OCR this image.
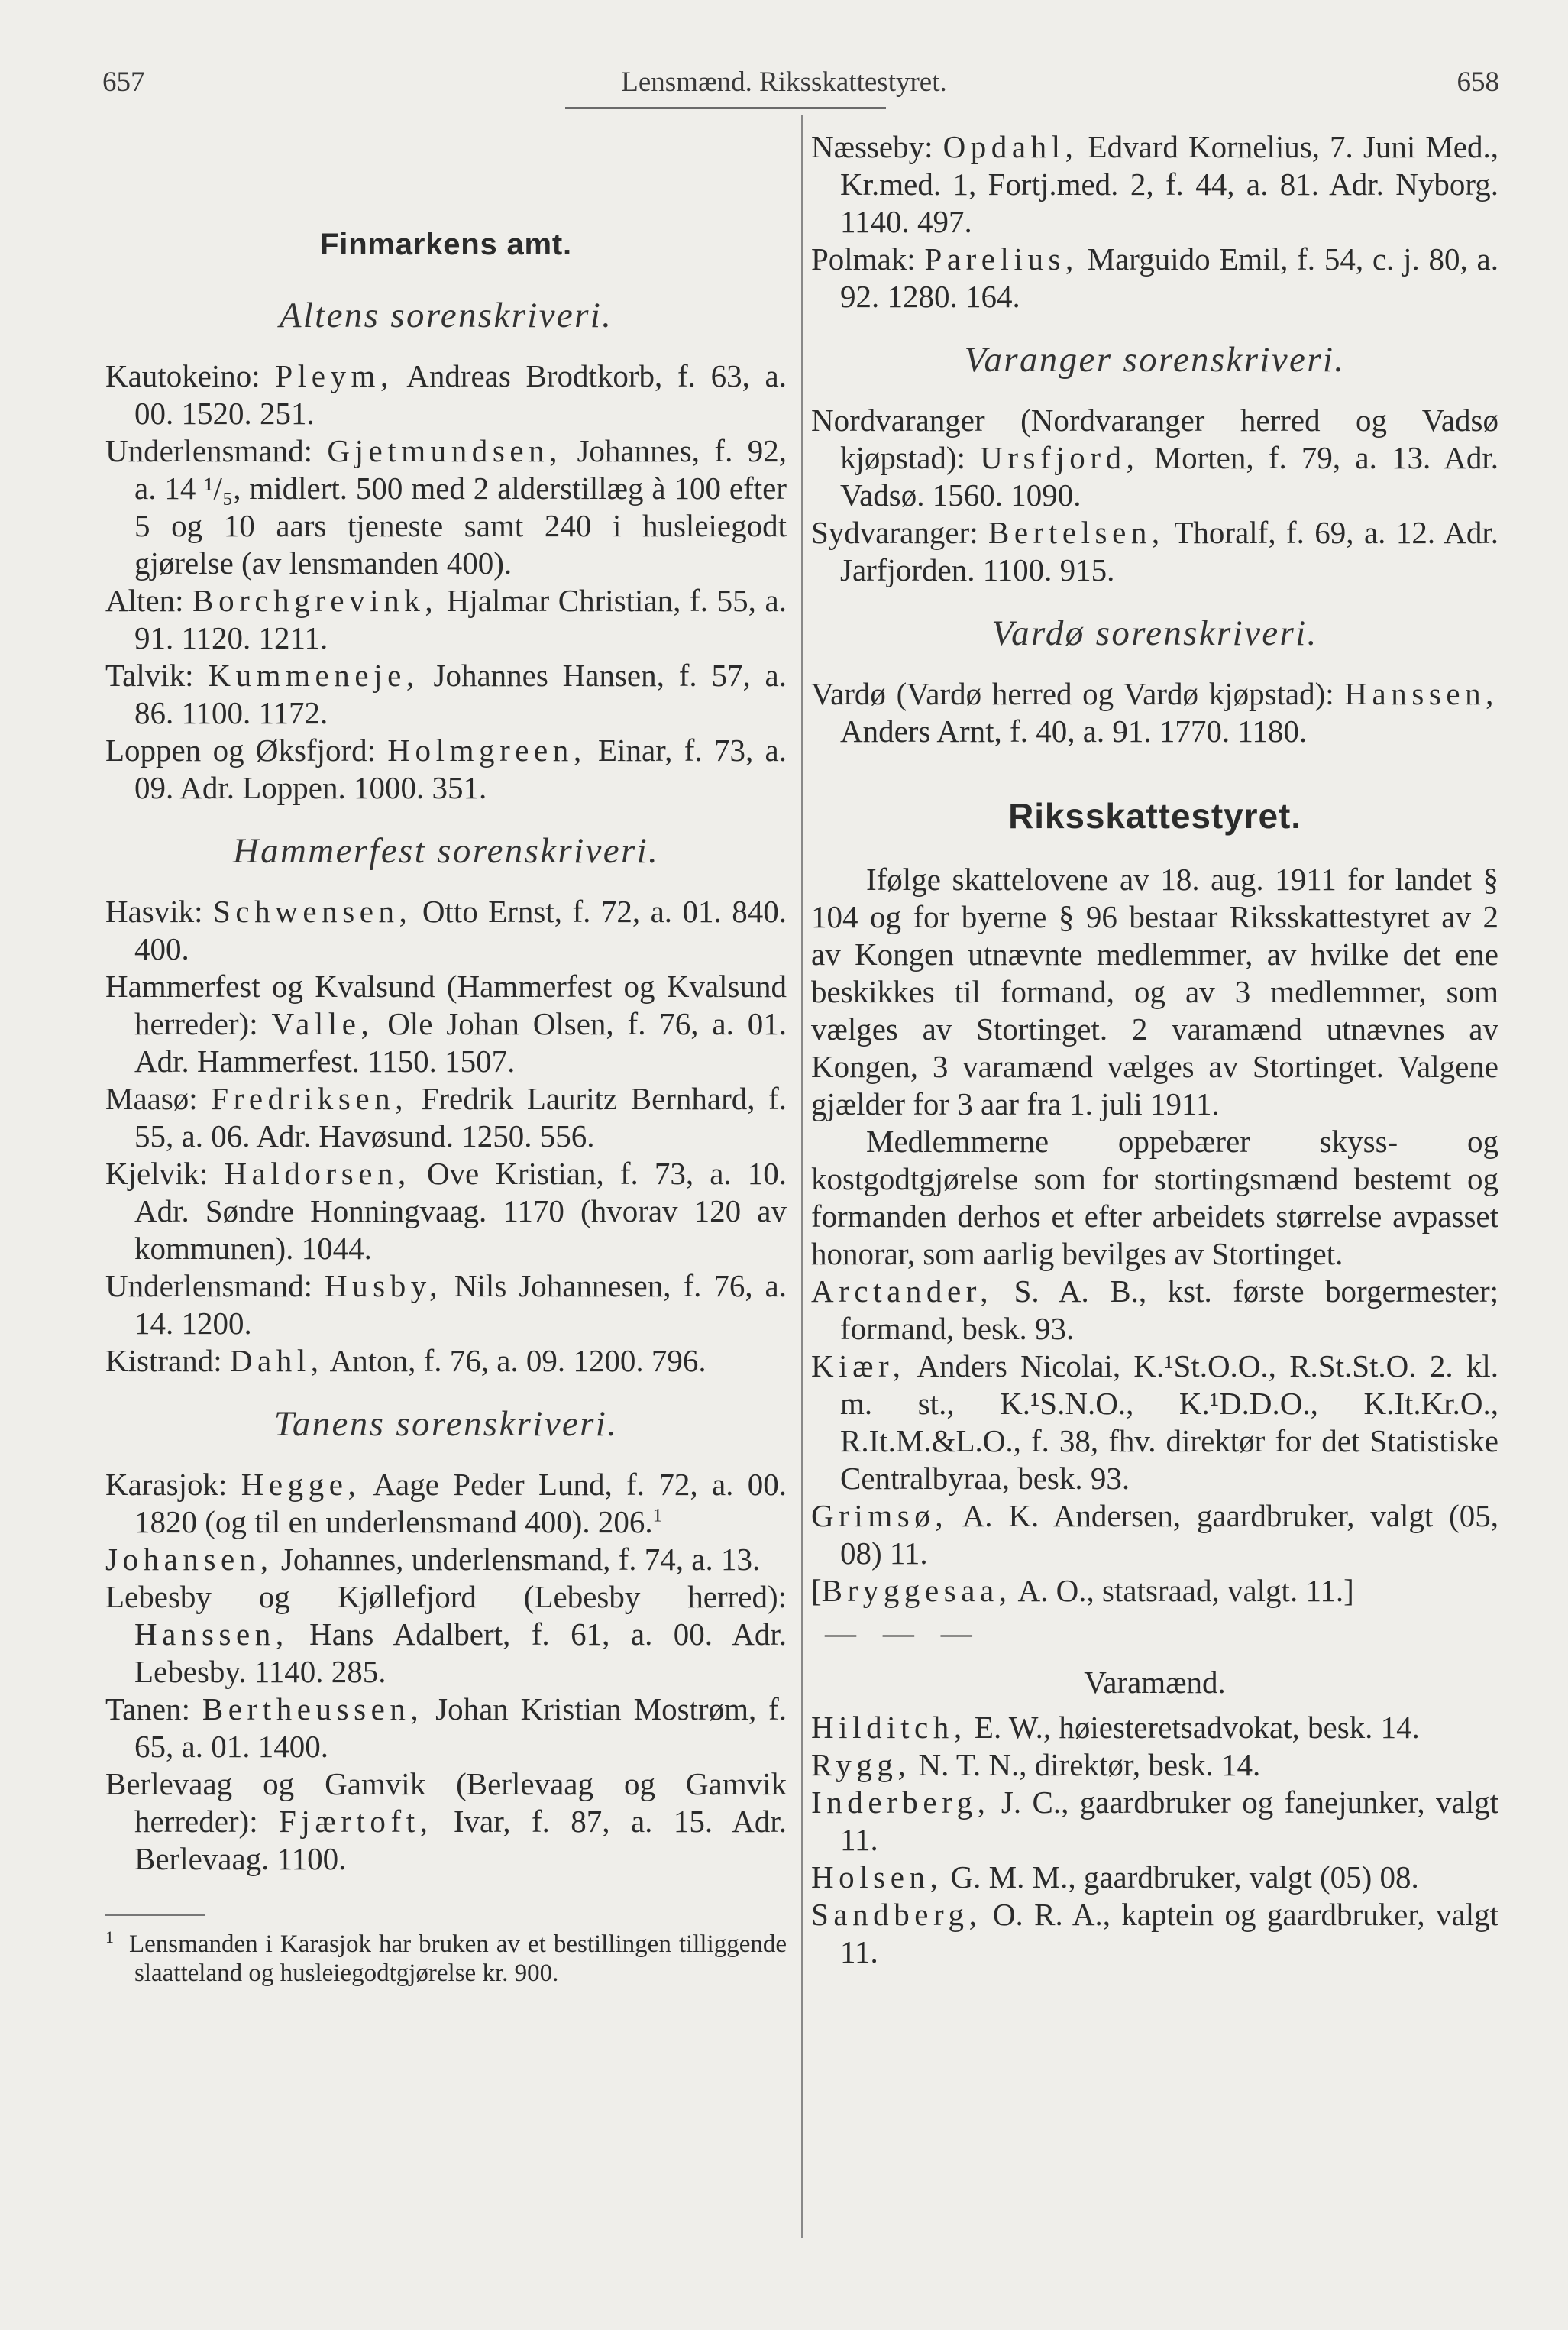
657	Lensmænd. Riksskattestyret.	658
Finmarkens amt.
Altens sorenskriveri.

Kautokeino: Pleym, Andreas Brodtkorb, f. 63, a. 00. 1520. 251.

Underlensmand: Gjetmundsen, Johannes, f. 92, a. 14 ¹/₅, midlert. 500 med 2 alderstillæg à 100 efter 5 og 10 aars tjeneste samt 240 i husleiegodt gjørelse (av lensmanden 400).

Alten: Borchgrevink, Hjalmar Christian, f. 55, a. 91. 1120. 1211.

Talvik: Kummeneje, Johannes Hansen, f. 57, a. 86. 1100. 1172.

Loppen og Øksfjord: Holmgreen, Einar, f. 73, a. 09. Adr. Loppen. 1000. 351.

Hammerfest sorenskriveri.

Hasvik: Schwensen, Otto Ernst, f. 72, a. 01. 840. 400.

Hammerfest og Kvalsund (Hammerfest og Kvalsund herreder): Valle, Ole Johan Olsen, f. 76, a. 01. Adr. Hammerfest. 1150. 1507.

Maasø: Fredriksen, Fredrik Lauritz Bernhard, f. 55, a. 06. Adr. Havøsund. 1250. 556.

Kjelvik: Haldorsen, Ove Kristian, f. 73, a. 10. Adr. Søndre Honningvaag. 1170 (hvorav 120 av kommunen). 1044.

Underlensmand: Husby, Nils Johannesen, f. 76, a. 14. 1200.

Kistrand: Dahl, Anton, f. 76, a. 09. 1200. 796.

Tanens sorenskriveri.

Karasjok: Hegge, Aage Peder Lund, f. 72, a. 00. 1820 (og til en underlensmand 400). 206.$^1$

Johansen, Johannes, underlensmand, f. 74, a. 13.

Lebesby og Kjøllefjord (Lebesby herred): Hanssen, Hans Adalbert, f. 61, a. 00. Adr. Lebesby. 1140. 285.

Tanen: Bertheussen, Johan Kristian Mostrøm, f. 65, a. 01. 1400.

Berlevaag og Gamvik (Berlevaag og Gamvik herreder): Fjærtoft, Ivar, f. 87, a. 15. Adr. Berlevaag. 1100.

$^1$ Lensmanden i Karasjok har bruken av et bestillingen tilliggende slaatteland og husleiegodtgjørelse kr. 900.

Næsseby: Opdahl, Edvard Kornelius, 7. Juni Med., Kr.med. 1, Fortj.med. 2, f. 44, a. 81. Adr. Nyborg. 1140. 497.

Polmak: Parelius, Marguido Emil, f. 54, c. j. 80, a. 92. 1280. 164.

Varanger sorenskriveri.

Nordvaranger (Nordvaranger herred og Vadsø kjøpstad): Ursfjord, Morten, f. 79, a. 13. Adr. Vadsø. 1560. 1090.

Sydvaranger: Bertelsen, Thoralf, f. 69, a. 12. Adr. Jarfjorden. 1100. 915.

Vardø sorenskriveri.

Vardø (Vardø herred og Vardø kjøpstad): Hanssen, Anders Arnt, f. 40, a. 91. 1770. 1180.

Riksskattestyret.

Ifølge skattelovene av 18. aug. 1911 for landet § 104 og for byerne § 96 bestaar Riksskattestyret av 2 av Kongen utnævnte medlemmer, av hvilke det ene beskikkes til formand, og av 3 medlemmer, som vælges av Stortinget. 2 varamænd utnævnes av Kongen, 3 varamænd vælges av Stortinget. Valgene gjælder for 3 aar fra 1. juli 1911.

Medlemmerne oppebærer skyss- og kostgodtgjørelse som for stortingsmænd bestemt og formanden derhos et efter arbeidets størrelse avpasset honorar, som aarlig bevilges av Stortinget.

Arctander, S. A. B., kst. første borgermester; formand, besk. 93.

Kiær, Anders Nicolai, K.¹St.O.O., R.St.St.O. 2. kl. m. st., K.¹S.N.O., K.¹D.D.O., K.It.Kr.O., R.It.M.&L.O., f. 38, fhv. direktør for det Statistiske Centralbyraa, besk. 93.

Grimsø, A. K. Andersen, gaardbruker, valgt (05, 08) 11.

[Bryggesaa, A. O., statsraad, valgt. 11.]

— — —
Varamænd.

Hilditch, E. W., høiesteretsadvokat, besk. 14.

Rygg, N. T. N., direktør, besk. 14.

Inderberg, J. C., gaardbruker og fanejunker, valgt 11.

Holsen, G. M. M., gaardbruker, valgt (05) 08.

Sandberg, O. R. A., kaptein og gaardbruker, valgt 11.
